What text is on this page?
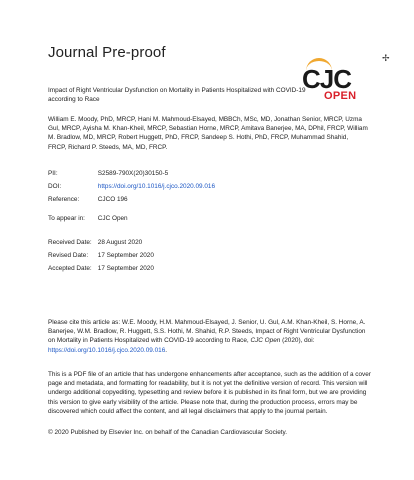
Journal Pre-proof	✢
CJC
OPEN
Impact of Right Ventricular Dysfunction on Mortality in Patients Hospitalized with COVID-19 according to Race
William E. Moody, PhD, MRCP, Hani M. Mahmoud-Elsayed, MBBCh, MSc, MD, Jonathan Senior, MRCP, Uzma Gul, MRCP, Ayisha M. Khan-Kheil, MRCP, Sebastian Horne, MRCP, Amitava Banerjee, MA, DPhil, FRCP, William M. Bradlow, MD, MRCP, Robert Huggett, PhD, FRCP, Sandeep S. Hothi, PhD, FRCP, Muhammad Shahid, FRCP, Richard P. Steeds, MA, MD, FRCP.
PII:	S2589-790X(20)30150-5
DOI:	https://doi.org/10.1016/j.cjco.2020.09.016
Reference:	CJCO 196
To appear in: CJC Open
Received Date: 28 August 2020
Revised Date: 17 September 2020
Accepted Date: 17 September 2020
Please cite this article as: W.E. Moody, H.M. Mahmoud-Elsayed, J. Senior, U. Gul, A.M. Khan-Kheil, S. Horne, A. Banerjee, W.M. Bradlow, R. Huggett, S.S. Hothi, M. Shahid, R.P. Steeds, Impact of Right Ventricular Dysfunction on Mortality in Patients Hospitalized with COVID-19 according to Race, CJC Open (2020), doi: https://doi.org/10.1016/j.cjco.2020.09.016.
This is a PDF file of an article that has undergone enhancements after acceptance, such as the addition of a cover page and metadata, and formatting for readability, but it is not yet the definitive version of record. This version will undergo additional copyediting, typesetting and review before it is published in its final form, but we are providing this version to give early visibility of the article. Please note that, during the production process, errors may be discovered which could affect the content, and all legal disclaimers that apply to the journal pertain.
© 2020 Published by Elsevier Inc. on behalf of the Canadian Cardiovascular Society.
